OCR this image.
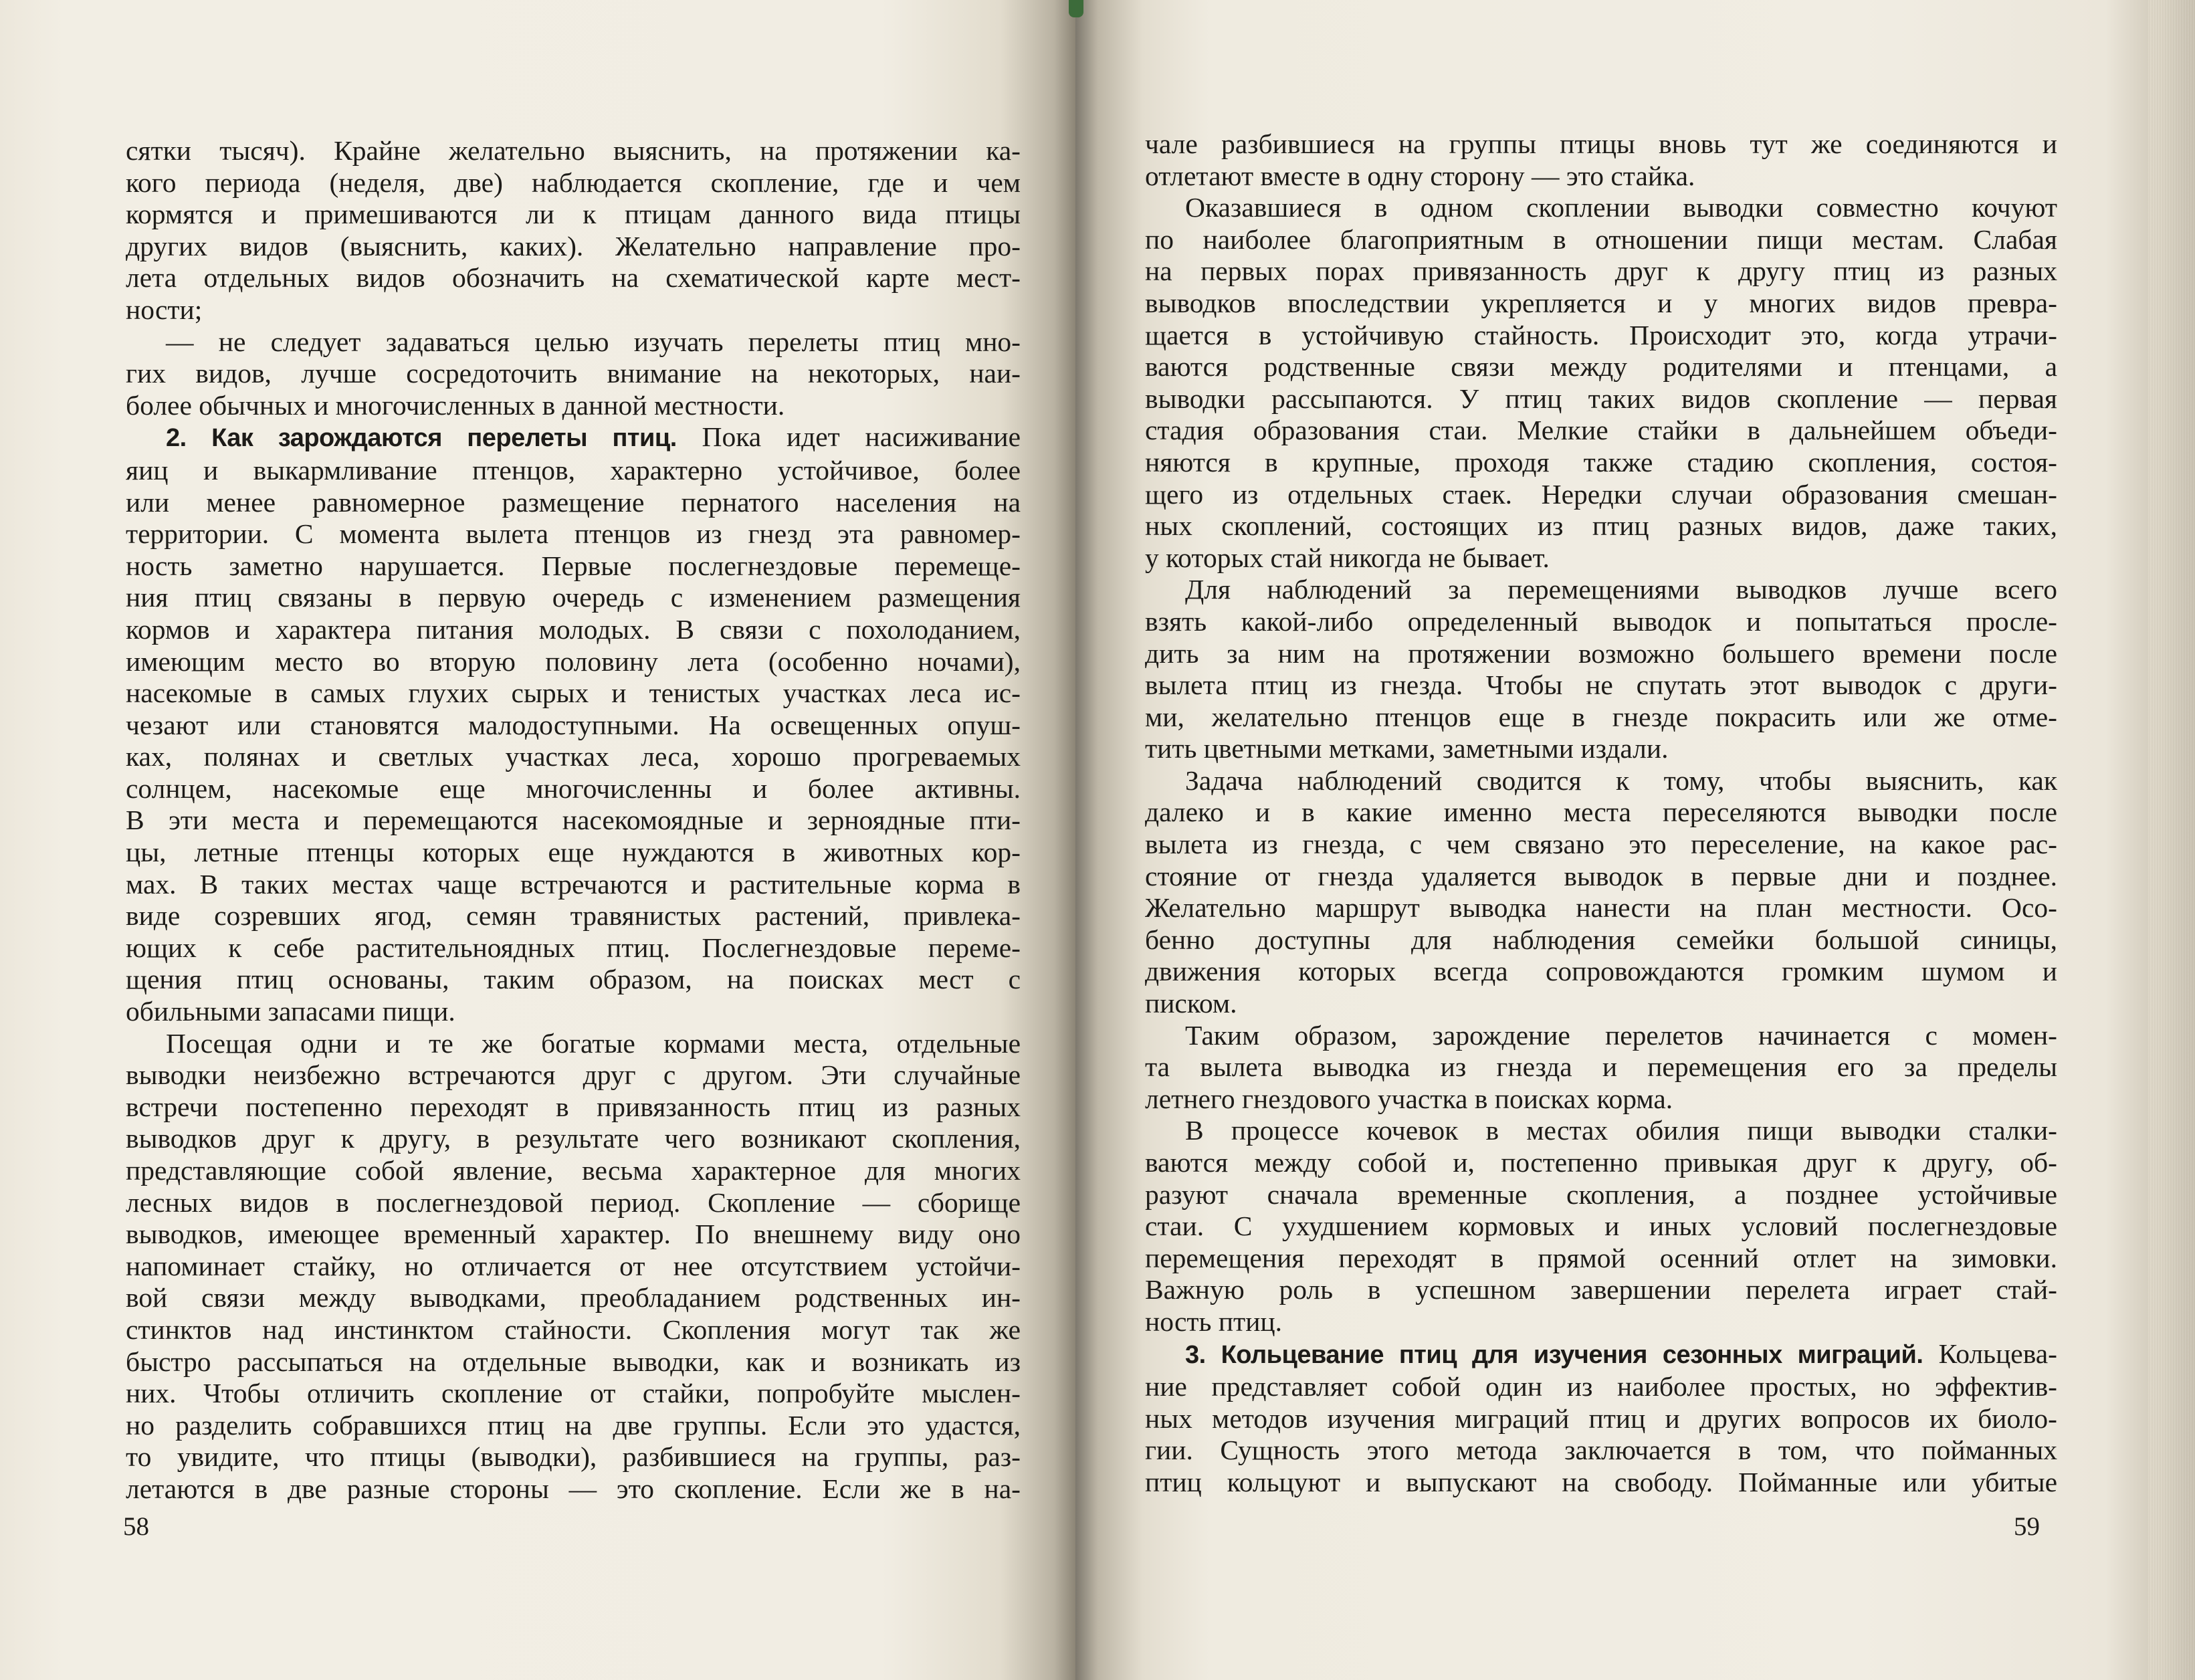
сятки тысяч). Крайне желательно выяснить, на протяжении ка-
кого периода (неделя, две) наблюдается скопление, где и чем
кормятся и примешиваются ли к птицам данного вида птицы
других видов (выяснить, каких). Желательно направление про-
лета отдельных видов обозначить на схематической карте мест-
ности;
— не следует задаваться целью изучать перелеты птиц мно-
гих видов, лучше сосредоточить внимание на некоторых, наи-
более обычных и многочисленных в данной местности.
2. Как зарождаются перелеты птиц. Пока идет насиживание
яиц и выкармливание птенцов, характерно устойчивое, более
или менее равномерное размещение пернатого населения на
территории. С момента вылета птенцов из гнезд эта равномер-
ность заметно нарушается. Первые послегнездовые перемеще-
ния птиц связаны в первую очередь с изменением размещения
кормов и характера питания молодых. В связи с похолоданием,
имеющим место во вторую половину лета (особенно ночами),
насекомые в самых глухих сырых и тенистых участках леса ис-
чезают или становятся малодоступными. На освещенных опуш-
ках, полянах и светлых участках леса, хорошо прогреваемых
солнцем, насекомые еще многочисленны и более активны.
В эти места и перемещаются насекомоядные и зерноядные пти-
цы, летные птенцы которых еще нуждаются в животных кор-
мах. В таких местах чаще встречаются и растительные корма в
виде созревших ягод, семян травянистых растений, привлека-
ющих к себе растительноядных птиц. Послегнездовые переме-
щения птиц основаны, таким образом, на поисках мест с
обильными запасами пищи.
Посещая одни и те же богатые кормами места, отдельные
выводки неизбежно встречаются друг с другом. Эти случайные
встречи постепенно переходят в привязанность птиц из разных
выводков друг к другу, в результате чего возникают скопления,
представляющие собой явление, весьма характерное для многих
лесных видов в послегнездовой период. Скопление — сборище
выводков, имеющее временный характер. По внешнему виду оно
напоминает стайку, но отличается от нее отсутствием устойчи-
вой связи между выводками, преобладанием родственных ин-
стинктов над инстинктом стайности. Скопления могут так же
быстро рассыпаться на отдельные выводки, как и возникать из
них. Чтобы отличить скопление от стайки, попробуйте мыслен-
но разделить собравшихся птиц на две группы. Если это удастся,
то увидите, что птицы (выводки), разбившиеся на группы, раз-
летаются в две разные стороны — это скопление. Если же в на-
58
чале разбившиеся на группы птицы вновь тут же соединяются и
отлетают вместе в одну сторону — это стайка.
Оказавшиеся в одном скоплении выводки совместно кочуют
по наиболее благоприятным в отношении пищи местам. Слабая
на первых порах привязанность друг к другу птиц из разных
выводков впоследствии укрепляется и у многих видов превра-
щается в устойчивую стайность. Происходит это, когда утрачи-
ваются родственные связи между родителями и птенцами, а
выводки рассыпаются. У птиц таких видов скопление — первая
стадия образования стаи. Мелкие стайки в дальнейшем объеди-
няются в крупные, проходя также стадию скопления, состоя-
щего из отдельных стаек. Нередки случаи образования смешан-
ных скоплений, состоящих из птиц разных видов, даже таких,
у которых стай никогда не бывает.
Для наблюдений за перемещениями выводков лучше всего
взять какой-либо определенный выводок и попытаться просле-
дить за ним на протяжении возможно большего времени после
вылета птиц из гнезда. Чтобы не спутать этот выводок с други-
ми, желательно птенцов еще в гнезде покрасить или же отме-
тить цветными метками, заметными издали.
Задача наблюдений сводится к тому, чтобы выяснить, как
далеко и в какие именно места переселяются выводки после
вылета из гнезда, с чем связано это переселение, на какое рас-
стояние от гнезда удаляется выводок в первые дни и позднее.
Желательно маршрут выводка нанести на план местности. Осо-
бенно доступны для наблюдения семейки большой синицы,
движения которых всегда сопровождаются громким шумом и
писком.
Таким образом, зарождение перелетов начинается с момен-
та вылета выводка из гнезда и перемещения его за пределы
летнего гнездового участка в поисках корма.
В процессе кочевок в местах обилия пищи выводки сталки-
ваются между собой и, постепенно привыкая друг к другу, об-
разуют сначала временные скопления, а позднее устойчивые
стаи. С ухудшением кормовых и иных условий послегнездовые
перемещения переходят в прямой осенний отлет на зимовки.
Важную роль в успешном завершении перелета играет стай-
ность птиц.
3. Кольцевание птиц для изучения сезонных миграций. Кольцева-
ние представляет собой один из наиболее простых, но эффектив-
ных методов изучения миграций птиц и других вопросов их биоло-
гии. Сущность этого метода заключается в том, что пойманных
птиц кольцуют и выпускают на свободу. Пойманные или убитые
59
